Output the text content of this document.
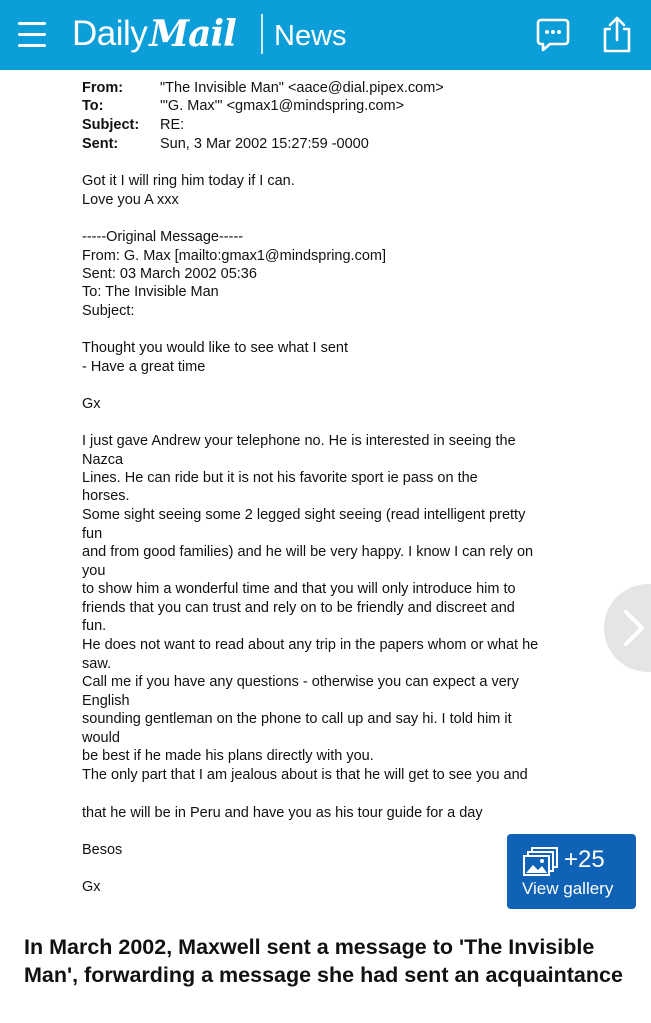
Daily Mail News
From:	"The Invisible Man" <aace@dial.pipex.com>
To:	'"G. Max'" <gmax1@mindspring.com>
Subject: RE:
Sent:	Sun, 3 Mar 2002 15:27:59 -0000
Got it I will ring him today if I can.
Love you A xxx
-----Original Message-----
From: G. Max [mailto:gmax1@mindspring.com]
Sent: 03 March 2002 05:36
To: The Invisible Man
Subject:
Thought you would like to see what I sent
- Have a great time
Gx
I just gave Andrew your telephone no. He is interested in seeing the
Nazca
Lines. He can ride but it is not his favorite sport ie pass on the
horses.
Some sight seeing some 2 legged sight seeing (read intelligent pretty
fun
and from good families) and he will be very happy. I know I can rely on
you
to show him a wonderful time and that you will only introduce him to
friends that you can trust and rely on to be friendly and discreet and
fun.
He does not want to read about any trip in the papers whom or what he
saw.
Call me if you have any questions - otherwise you can expect a very
English
sounding gentleman on the phone to call up and say hi. I told him it
would
be best if he made his plans directly with you.
The only part that I am jealous about is that he will get to see you and
that he will be in Peru and have you as his tour guide for a day
Besos
Gx
+25
View gallery
In March 2002, Maxwell sent a message to 'The Invisible Man', forwarding a message she had sent an acquaintance
